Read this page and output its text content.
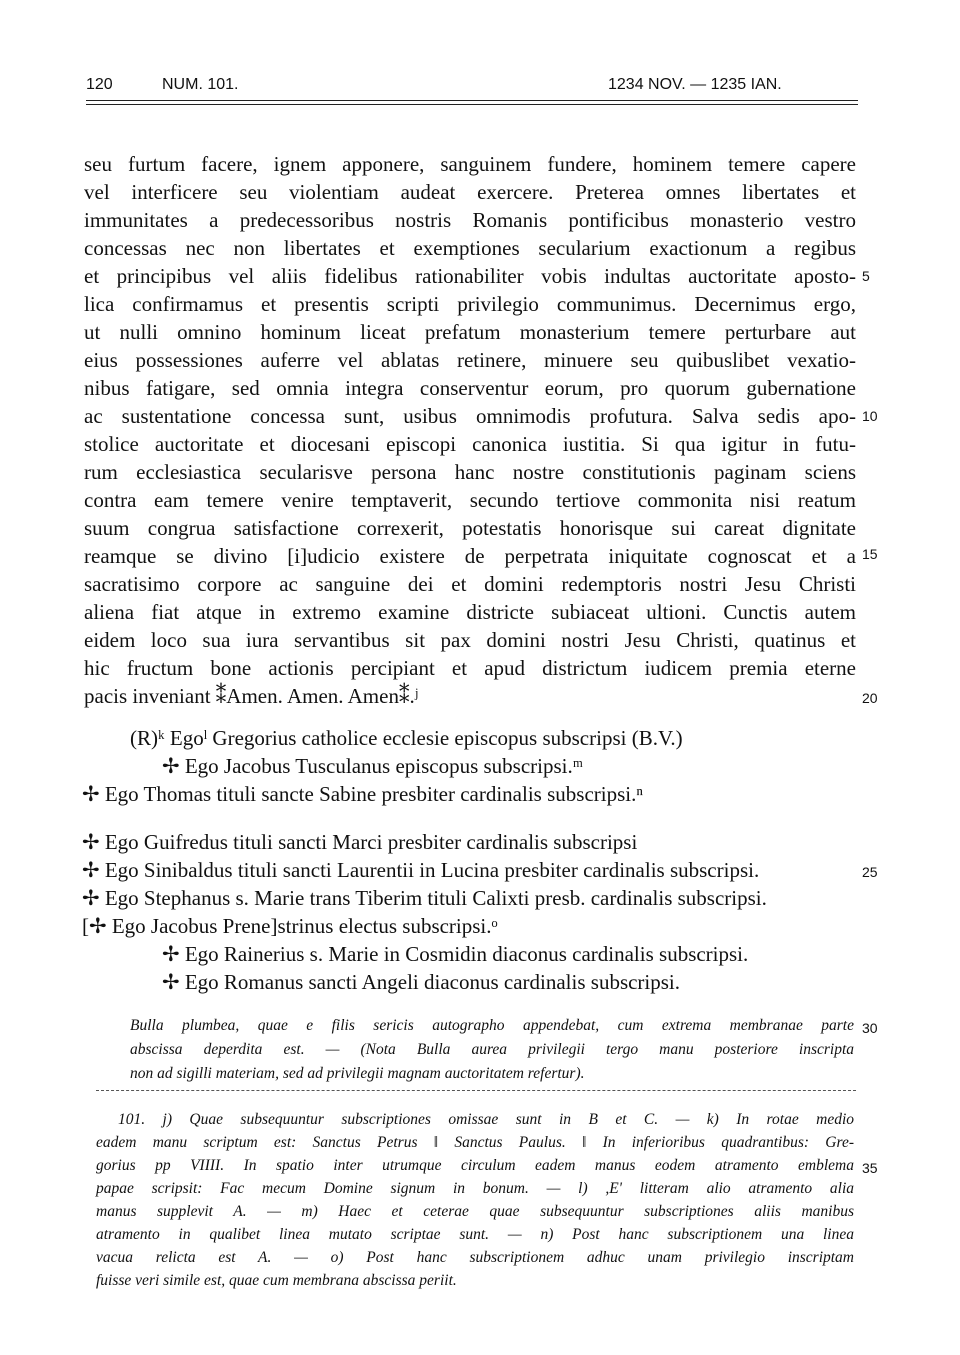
120	NUM. 101.	1234 NOV. — 1235 IAN.
seu furtum facere, ignem apponere, sanguinem fundere, hominem temere capere
vel interficere seu violentiam audeat exercere. Preterea omnes libertates et
immunitates a predecessoribus nostris Romanis pontificibus monasterio vestro
concessas nec non libertates et exemptiones secularium exactionum a regibus
et principibus vel aliis fidelibus rationabiliter vobis indultas auctoritate aposto-
lica confirmamus et presentis scripti privilegio communimus. Decernimus ergo,
ut nulli omnino hominum liceat prefatum monasterium temere perturbare aut
eius possessiones auferre vel ablatas retinere, minuere seu quibuslibet vexatio-
nibus fatigare, sed omnia integra conserventur eorum, pro quorum gubernatione
ac sustentatione concessa sunt, usibus omnimodis profutura. Salva sedis apo-
stolice auctoritate et diocesani episcopi canonica iustitia. Si qua igitur in futu-
rum ecclesiastica secularisve persona hanc nostre constitutionis paginam sciens
contra eam temere venire temptaverit, secundo tertiove commonita nisi reatum
suum congrua satisfactione correxerit, potestatis honorisque sui careat dignitate
reamque se divino [i]udicio existere de perpetrata iniquitate cognoscat et a
sacratisimo corpore ac sanguine dei et domini redemptoris nostri Jesu Christi
aliena fiat atque in extremo examine districte subiaceat ultioni. Cunctis autem
eidem loco sua iura servantibus sit pax domini nostri Jesu Christi, quatinus et
hic fructum bone actionis percipiant et apud districtum iudicem premia eterne
pacis inveniant ⁑Amen. Amen. Amen⁑.ʲ
5
10
15
20
(R)ᵏ Egoˡ Gregorius catholice ecclesie episcopus subscripsi (B.V.)
✢ Ego Jacobus Tusculanus episcopus subscripsi.ᵐ
✢ Ego Thomas tituli sancte Sabine presbiter cardinalis subscripsi.ⁿ
✢ Ego Guifredus tituli sancti Marci presbiter cardinalis subscripsi
✢ Ego Sinibaldus tituli sancti Laurentii in Lucina presbiter cardinalis subscripsi.
✢ Ego Stephanus s. Marie trans Tiberim tituli Calixti presb. cardinalis subscripsi.
[✢ Ego Jacobus Prene]strinus electus subscripsi.ᵒ
✢ Ego Rainerius s. Marie in Cosmidin diaconus cardinalis subscripsi.
✢ Ego Romanus sancti Angeli diaconus cardinalis subscripsi.
25
Bulla plumbea, quae e filis sericis autographo appendebat, cum extrema membranae parte
abscissa deperdita est. — (Nota Bulla aurea privilegii tergo manu posteriore inscripta
non ad sigilli materiam, sed ad privilegii magnam auctoritatem refertur).
30
101. j) Quae subsequuntur subscriptiones omissae sunt in B et C. — k) In rotae medio
eadem manu scriptum est: Sanctus Petrus ‖ Sanctus Paulus. ‖ In inferioribus quadrantibus: Gre-
gorius pp VIIII. In spatio inter utrumque circulum eadem manus eodem atramento emblema
papae scripsit: Fac mecum Domine signum in bonum. — l) ,E' litteram alio atramento alia
manus supplevit A. — m) Haec et ceterae quae subsequuntur subscriptiones aliis manibus
atramento in qualibet linea mutato scriptae sunt. — n) Post hanc subscriptionem una linea
vacua relicta est A. — o) Post hanc subscriptionem adhuc unam privilegio inscriptam
fuisse veri simile est, quae cum membrana abscissa periit.
35
